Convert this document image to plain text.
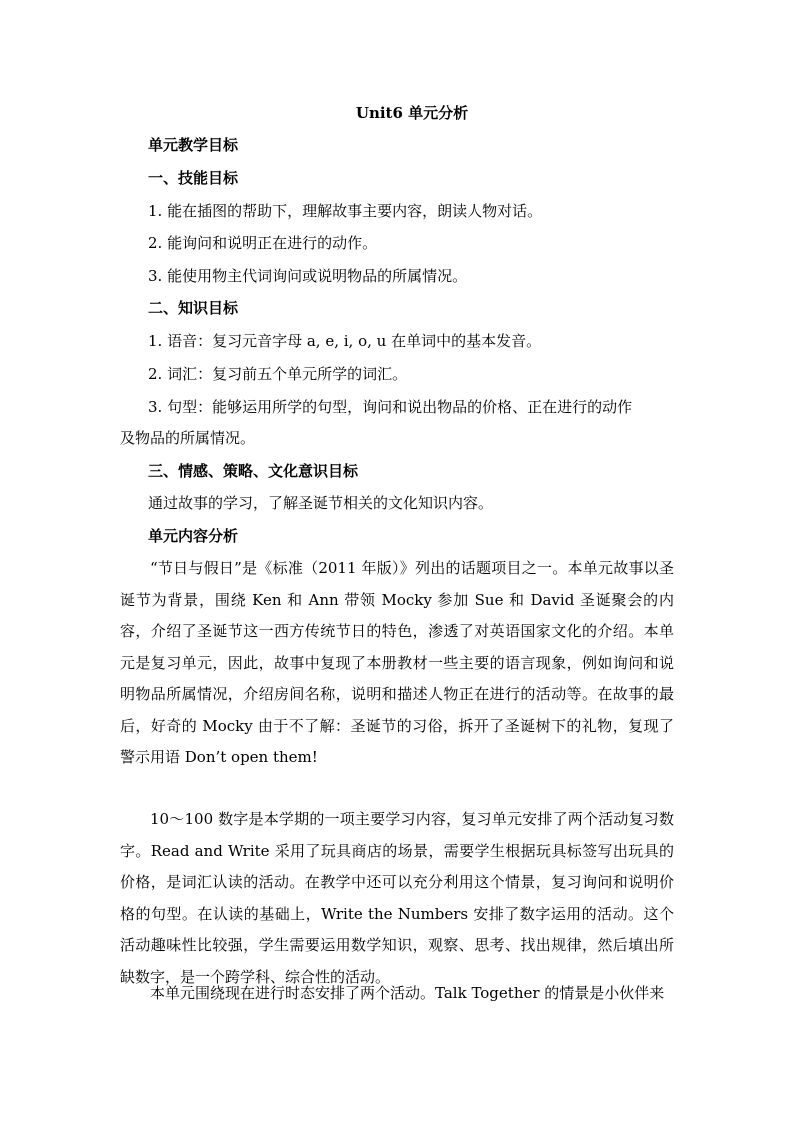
Unit6 单元分析
单元教学目标
一、技能目标
1. 能在插图的帮助下，理解故事主要内容，朗读人物对话。
2. 能询问和说明正在进行的动作。
3. 能使用物主代词询问或说明物品的所属情况。
二、知识目标
1. 语音：复习元音字母 a, e, i, o, u 在单词中的基本发音。
2. 词汇：复习前五个单元所学的词汇。
3. 句型：能够运用所学的句型，询问和说出物品的价格、正在进行的动作
及物品的所属情况。
三、情感、策略、文化意识目标
通过故事的学习，了解圣诞节相关的文化知识内容。
单元内容分析
“节日与假日”是《标准（2011 年版）》列出的话题项目之一。本单元故事以圣诞节为背景，围绕 Ken 和 Ann 带领 Mocky 参加 Sue 和 David 圣诞聚会的内容，介绍了圣诞节这一西方传统节日的特色，渗透了对英语国家文化的介绍。本单元是复习单元，因此，故事中复现了本册教材一些主要的语言现象，例如询问和说明物品所属情况，介绍房间名称，说明和描述人物正在进行的活动等。在故事的最后，好奇的 Mocky 由于不了解：圣诞节的习俗，拆开了圣诞树下的礼物，复现了警示用语 Don’t open them!
10～100 数字是本学期的一项主要学习内容，复习单元安排了两个活动复习数字。Read and Write 采用了玩具商店的场景，需要学生根据玩具标签写出玩具的价格，是词汇认读的活动。在教学中还可以充分利用这个情景，复习询问和说明价格的句型。在认读的基础上，Write the Numbers 安排了数字运用的活动。这个活动趣味性比较强，学生需要运用数学知识，观察、思考、找出规律，然后填出所缺数字，是一个跨学科、综合性的活动。
本单元围绕现在进行时态安排了两个活动。Talk Together 的情景是小伙伴来
